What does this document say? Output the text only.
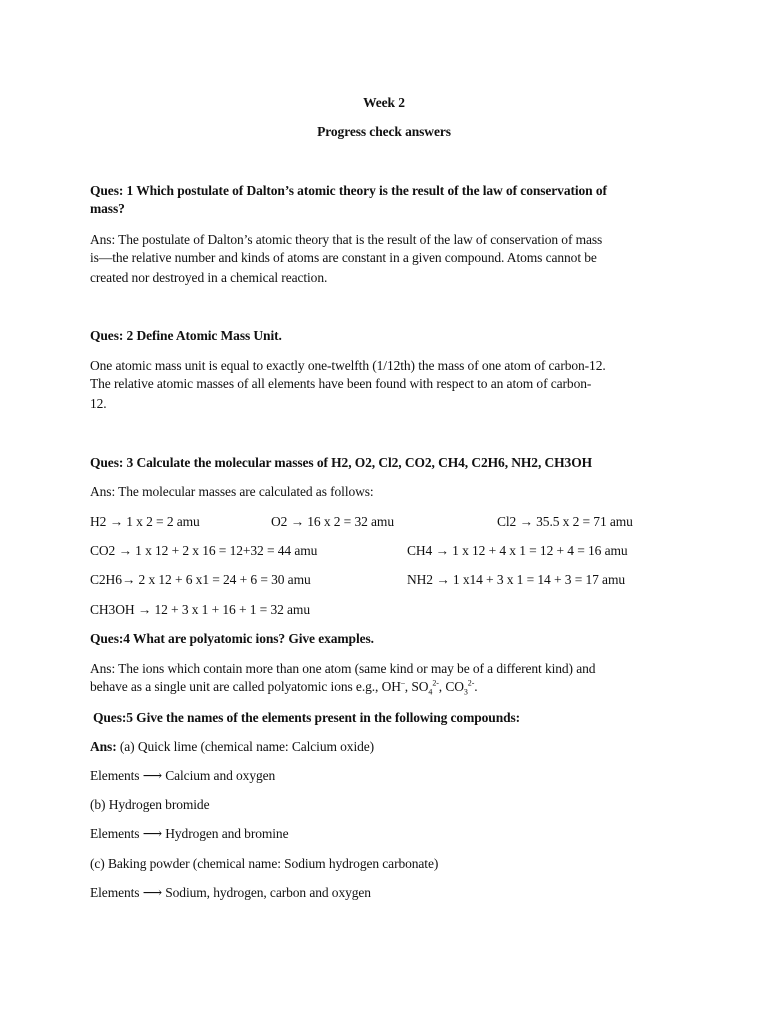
Week 2
Progress check answers
Ques: 1 Which postulate of Dalton’s atomic theory is the result of the law of conservation of
mass?
Ans: The postulate of Dalton’s atomic theory that is the result of the law of conservation of mass
is—the relative number and kinds of atoms are constant in a given compound. Atoms cannot be
created nor destroyed in a chemical reaction.
Ques: 2 Define Atomic Mass Unit.
One atomic mass unit is equal to exactly one-twelfth (1/12th) the mass of one atom of carbon-12.
The relative atomic masses of all elements have been found with respect to an atom of carbon-
12.
Ques: 3 Calculate the molecular masses of H2, O2, Cl2, CO2, CH4, C2H6, NH2, CH3OH
Ans: The molecular masses are calculated as follows:
H2 → 1 x 2 = 2 amu	O2 → 16 x 2 = 32 amu	Cl2 → 35.5 x 2 = 71 amu
CO2 → 1 x 12 + 2 x 16 = 12+32 = 44 amu	CH4 → 1 x 12 + 4 x 1 = 12 + 4 = 16 amu
C2H6→ 2 x 12 + 6 x1 = 24 + 6 = 30 amu	NH2 → 1 x14 + 3 x 1 = 14 + 3 = 17 amu
CH3OH → 12 + 3 x 1 + 16 + 1 = 32 amu
Ques:4 What are polyatomic ions? Give examples.
Ans: The ions which contain more than one atom (same kind or may be of a different kind) and
behave as a single unit are called polyatomic ions e.g., OH–, $SO_4^{2-}$, $CO_3^{2-}$.
Ques:5 Give the names of the elements present in the following compounds:
Ans: (a) Quick lime (chemical name: Calcium oxide)
Elements ⟶ Calcium and oxygen
(b) Hydrogen bromide
Elements ⟶ Hydrogen and bromine
(c) Baking powder (chemical name: Sodium hydrogen carbonate)
Elements ⟶ Sodium, hydrogen, carbon and oxygen
